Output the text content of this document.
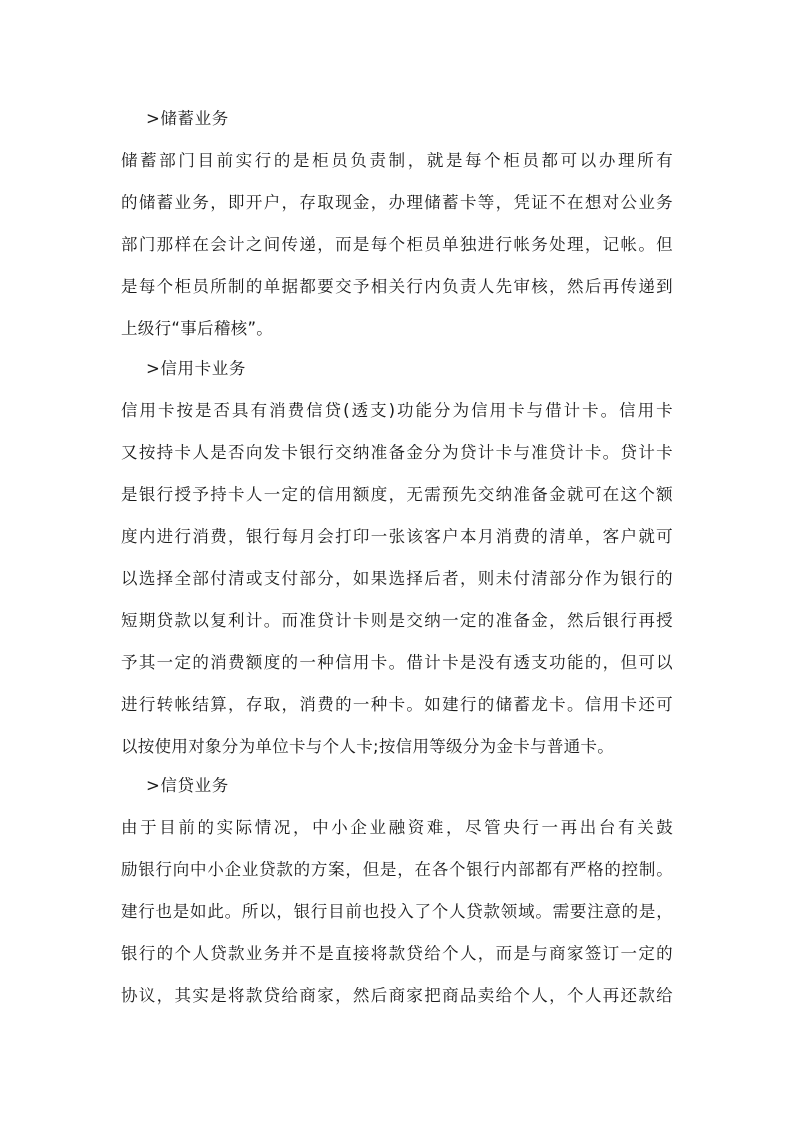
>储蓄业务
储蓄部门目前实行的是柜员负责制，就是每个柜员都可以办理所有
的储蓄业务，即开户，存取现金，办理储蓄卡等，凭证不在想对公业务
部门那样在会计之间传递，而是每个柜员单独进行帐务处理，记帐。但
是每个柜员所制的单据都要交予相关行内负责人先审核，然后再传递到
上级行“事后稽核”。
>信用卡业务
信用卡按是否具有消费信贷(透支)功能分为信用卡与借计卡。信用卡
又按持卡人是否向发卡银行交纳准备金分为贷计卡与准贷计卡。贷计卡
是银行授予持卡人一定的信用额度，无需预先交纳准备金就可在这个额
度内进行消费，银行每月会打印一张该客户本月消费的清单，客户就可
以选择全部付清或支付部分，如果选择后者，则未付清部分作为银行的
短期贷款以复利计。而准贷计卡则是交纳一定的准备金，然后银行再授
予其一定的消费额度的一种信用卡。借计卡是没有透支功能的，但可以
进行转帐结算，存取，消费的一种卡。如建行的储蓄龙卡。信用卡还可
以按使用对象分为单位卡与个人卡;按信用等级分为金卡与普通卡。
>信贷业务
由于目前的实际情况，中小企业融资难，尽管央行一再出台有关鼓
励银行向中小企业贷款的方案，但是，在各个银行内部都有严格的控制。
建行也是如此。所以，银行目前也投入了个人贷款领域。需要注意的是，
银行的个人贷款业务并不是直接将款贷给个人，而是与商家签订一定的
协议，其实是将款贷给商家，然后商家把商品卖给个人，个人再还款给
